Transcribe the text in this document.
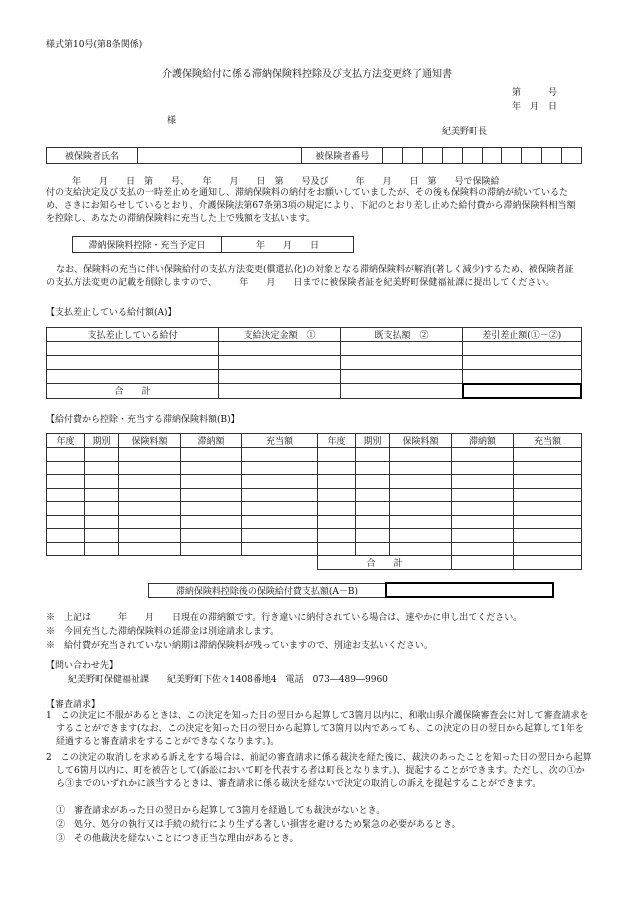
様式第10号(第8条関係)
介護保険給付に係る滞納保険料控除及び支払方法変更終了通知書
第　　　号
年　月　日
様
紀美野町長
被保険者氏名		被保険者番号										
年　　月　　日　第　　号、　　年　　月　　日　第　　号及び　　　年　　月　　日　第　　号で保険給
付の支給決定及び支払の一時差止めを通知し、滞納保険料の納付をお願いしていましたが、その後も保険料の滞納が続いているため、さきにお知らせしているとおり、介護保険法第67条第3項の規定により、下記のとおり差し止めた給付費から滞納保険料相当額を控除し、あなたの滞納保険料に充当した上で残額を支払います。
滞納保険料控除・充当予定日	年　　月　　日
なお、保険料の充当に伴い保険給付の支払方法変更(償還払化)の対象となる滞納保険料が解消(著しく減少)するため、被保険者証の支払方法変更の記載を削除しますので、　　　年　　月　　日までに被保険者証を紀美野町保健福祉課に提出してください。
【支払差止している給付額(A)】
支払差止している給付	支給決定金額　①	既支払額　②	差引差止額(①－②)

合　　計			
【給付費から控除・充当する滞納保険料額(B)】
年度	期別	保険料額	滞納額	充当額	年度	期別	保険料額	滞納額	充当額

					合　　計				
滞納保険料控除後の保険給付費支払額(A－B)	
※　上記は　　　年　　月　　日現在の滞納額です。行き違いに納付されている場合は、速やかに申し出てください。
※　今回充当した滞納保険料の延滞金は別途請求します。
※　給付費が充当されていない納期は滞納保険料が残っていますので、別途お支払いください。
【問い合わせ先】
紀美野町保健福祉課　　紀美野町下佐々1408番地4　電話　073―489―9960
【審査請求】
1　この決定に不服があるときは、この決定を知った日の翌日から起算して3箇月以内に、和歌山県介護保険審査会に対して審査請求をすることができます(なお、この決定を知った日の翌日から起算して3箇月以内であっても、この決定の日の翌日から起算して1年を経過すると審査請求をすることができなくなります。)。
2　この決定の取消しを求める訴えをする場合は、前記の審査請求に係る裁決を経た後に、裁決のあったことを知った日の翌日から起算して6箇月以内に、町を被告として(訴訟において町を代表する者は町長となります。)、提起することができます。ただし、次の①から③までのいずれかに該当するときは、審査請求に係る裁決を経ないで決定の取消しの訴えを提起することができます。
①　審査請求があった日の翌日から起算して3箇月を経過しても裁決がないとき。
②　処分、処分の執行又は手続の続行により生ずる著しい損害を避けるため緊急の必要があるとき。
③　その他裁決を経ないことにつき正当な理由があるとき。
